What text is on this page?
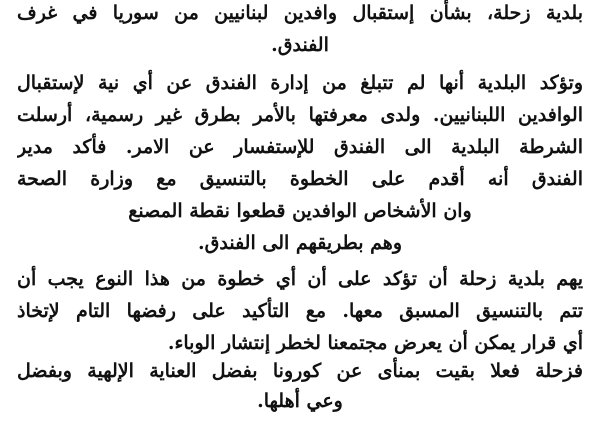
بلدية زحلة، بشأن إستقبال وافدين لبنانيين من سوريا في غرف
الفندق.
وتؤكد البلدية أنها لم تتبلغ من إدارة الفندق عن أي نية لإستقبال
الوافدين اللبنانيين. ولدى معرفتها بالأمر بطرق غير رسمية، أرسلت
الشرطة البلدية الى الفندق للإستفسار عن الامر. فأكد مدير
الفندق أنه أقدم على الخطوة بالتنسيق مع وزارة الصحة
وان الأشخاص الوافدين قطعوا نقطة المصنع
وهم بطريقهم الى الفندق.
يهم بلدية زحلة أن تؤكد على أن أي خطوة من هذا النوع يجب أن
تتم بالتنسيق المسبق معها. مع التأكيد على رفضها التام لإتخاذ
أي قرار يمكن أن يعرض مجتمعنا لخطر إنتشار الوباء.
فزحلة فعلا بقيت بمنأى عن كورونا بفضل العناية الإلهية وبفضل
وعي أهلها.
